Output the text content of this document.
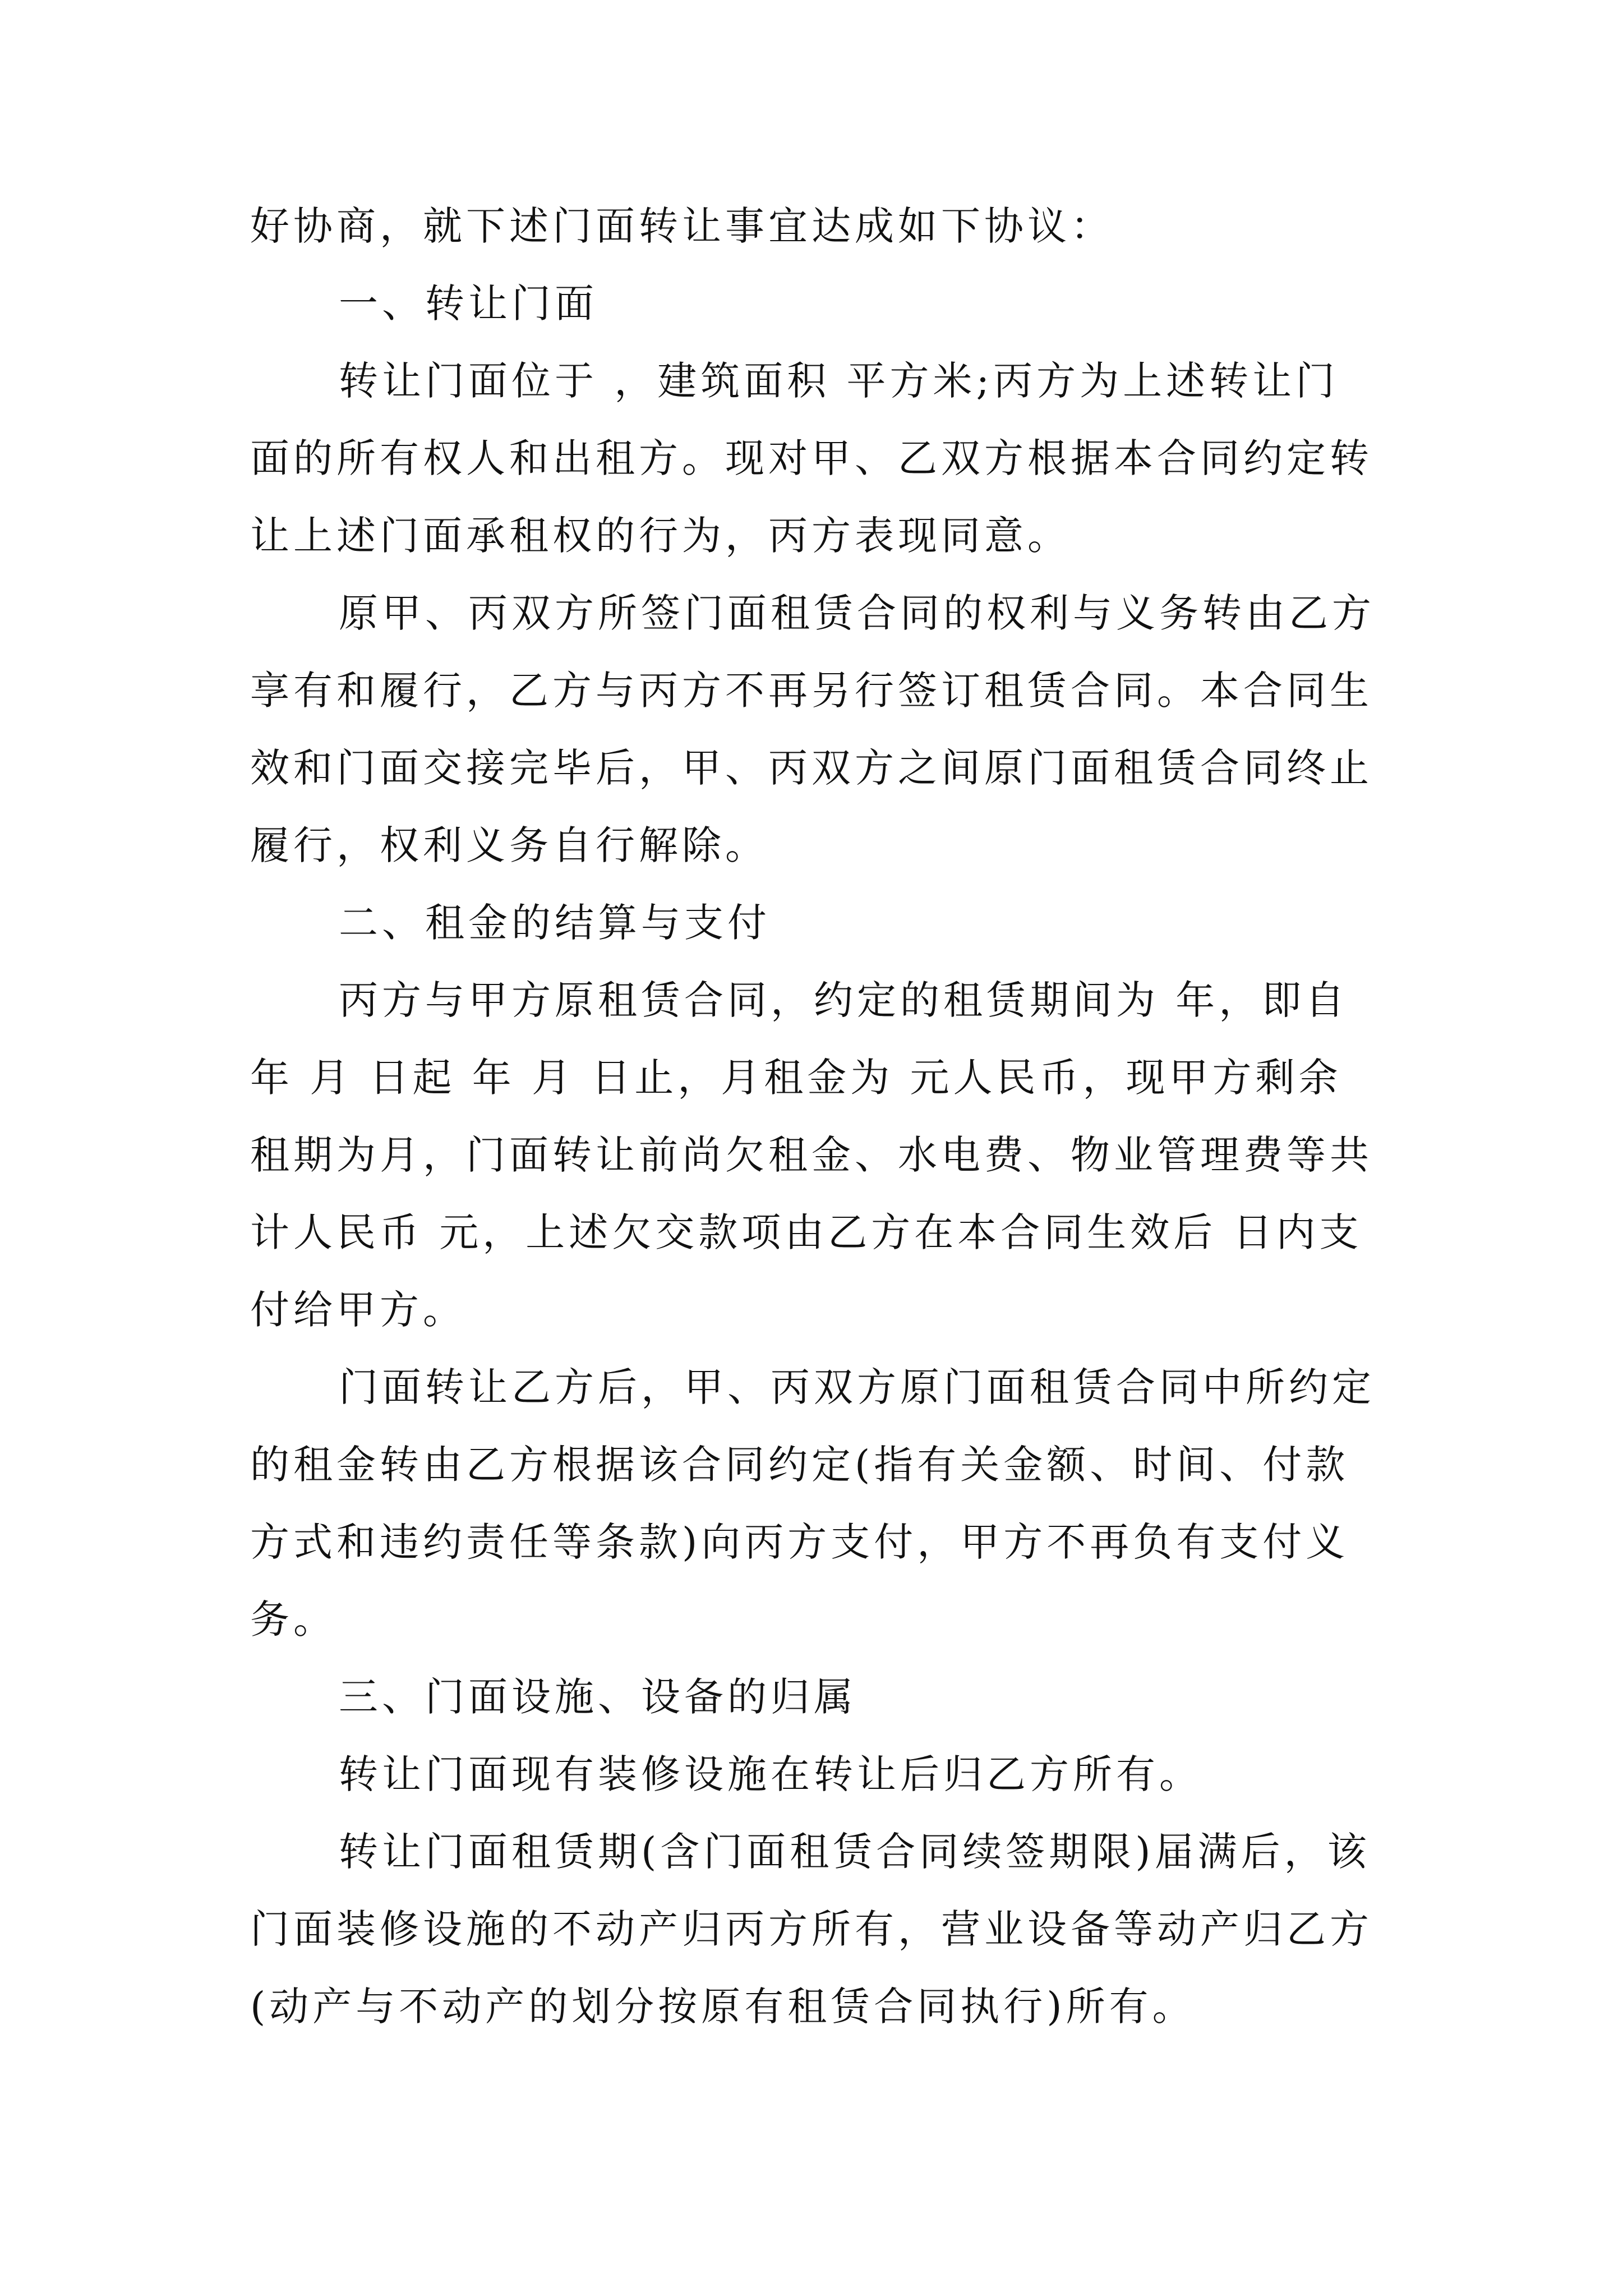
好协商，就下述门面转让事宜达成如下协议：
一、转让门面
转让门面位于 ，建筑面积 平方米;丙方为上述转让门
面的所有权人和出租方。现对甲、乙双方根据本合同约定转
让上述门面承租权的行为，丙方表现同意。
原甲、丙双方所签门面租赁合同的权利与义务转由乙方
享有和履行，乙方与丙方不再另行签订租赁合同。本合同生
效和门面交接完毕后，甲、丙双方之间原门面租赁合同终止
履行，权利义务自行解除。
二、租金的结算与支付
丙方与甲方原租赁合同，约定的租赁期间为 年，即自
年 月 日起 年 月 日止，月租金为 元人民币，现甲方剩余
租期为月，门面转让前尚欠租金、水电费、物业管理费等共
计人民币 元，上述欠交款项由乙方在本合同生效后 日内支
付给甲方。
门面转让乙方后，甲、丙双方原门面租赁合同中所约定
的租金转由乙方根据该合同约定(指有关金额、时间、付款
方式和违约责任等条款)向丙方支付，甲方不再负有支付义
务。
三、门面设施、设备的归属
转让门面现有装修设施在转让后归乙方所有。
转让门面租赁期(含门面租赁合同续签期限)届满后，该
门面装修设施的不动产归丙方所有，营业设备等动产归乙方
(动产与不动产的划分按原有租赁合同执行)所有。
